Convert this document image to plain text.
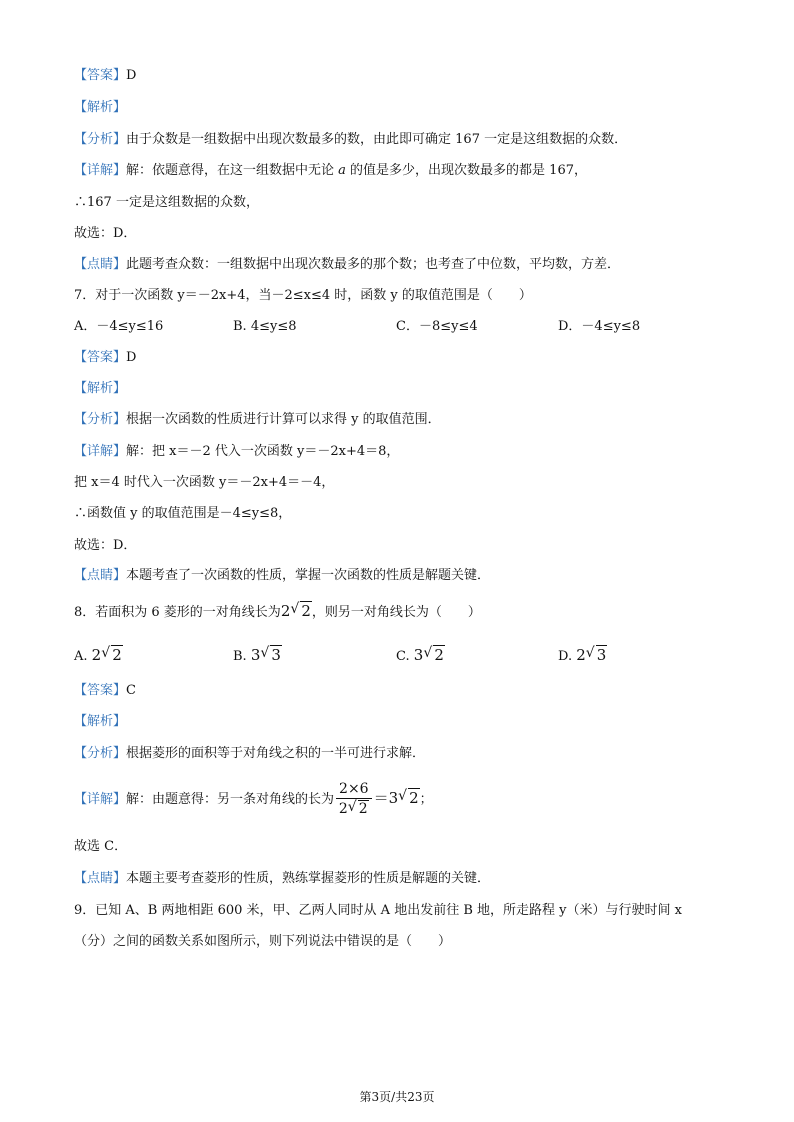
【答案】D
【解析】
【分析】由于众数是一组数据中出现次数最多的数，由此即可确定 167 一定是这组数据的众数．
【详解】解：依题意得，在这一组数据中无论 a 的值是多少，出现次数最多的都是 167，
∴167 一定是这组数据的众数，
故选：D．
【点睛】此题考查众数：一组数据中出现次数最多的那个数；也考查了中位数，平均数，方差．
7．对于一次函数 y＝－2x+4，当－2≤x≤4 时，函数 y 的取值范围是（　　）
A．－4≤y≤16	B. 4≤y≤8	C．－8≤y≤4	D．－4≤y≤8
【答案】D
【解析】
【分析】根据一次函数的性质进行计算可以求得 y 的取值范围．
【详解】解：把 x＝－2 代入一次函数 y＝－2x+4＝8，
把 x＝4 时代入一次函数 y＝－2x+4＝－4，
∴函数值 y 的取值范围是－4≤y≤8，
故选：D．
【点睛】本题考查了一次函数的性质，掌握一次函数的性质是解题关键．
8．若面积为 6 菱形的一对角线长为2√ 2，则另一对角线长为（　　）
A. 2√ 2	B. 3√ 3	C. 3√ 2	D. 2√ 3
【答案】C
【解析】
【分析】根据菱形的面积等于对角线之积的一半可进行求解．
【详解】解：由题意得：另一条对角线的长为 $\frac{2\times 6}{2√ 2} =3√$ 2；
故选 C．
【点睛】本题主要考查菱形的性质，熟练掌握菱形的性质是解题的关键．
9．已知 A、B 两地相距 600 米，甲、乙两人同时从 A 地出发前往 B 地，所走路程 y（米）与行驶时间 x
（分）之间的函数关系如图所示，则下列说法中错误的是（　　）
第3页/共23页
